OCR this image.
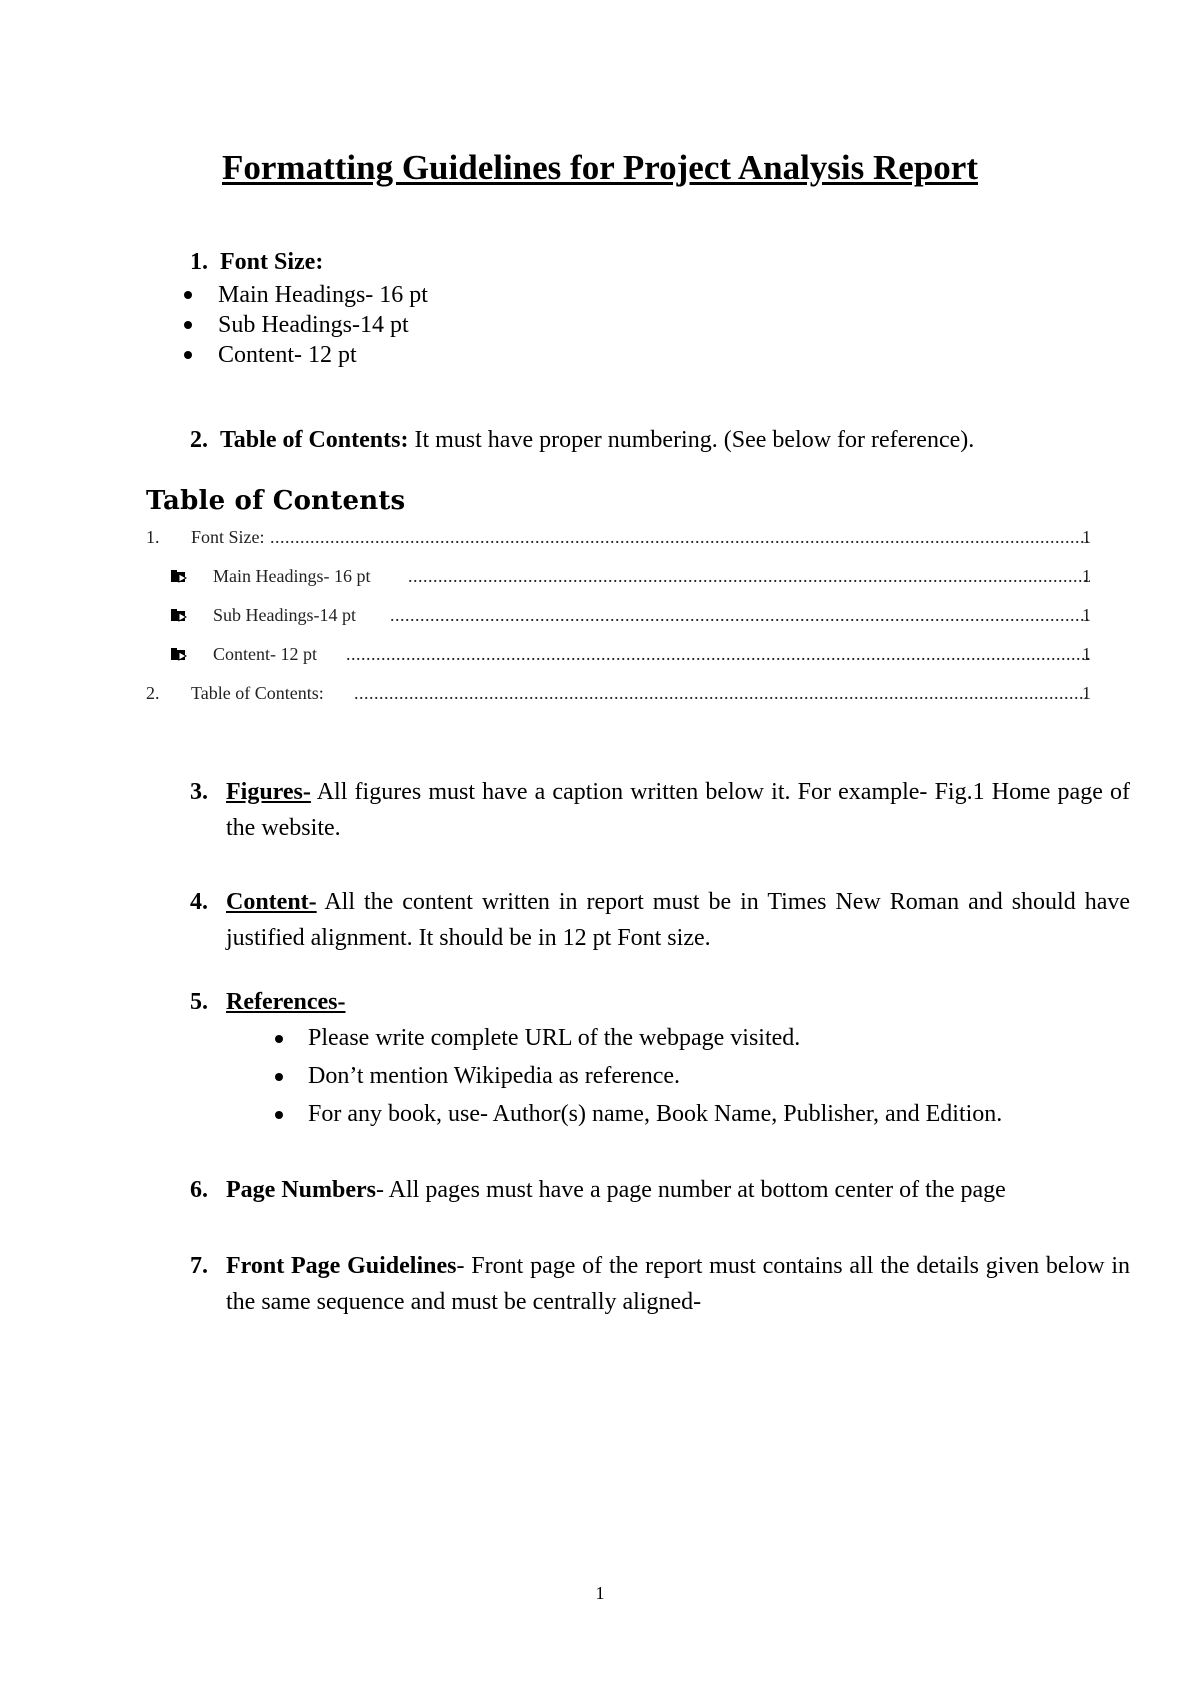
Formatting Guidelines for Project Analysis Report
1. Font Size:
Main Headings- 16 pt
Sub Headings-14 pt
Content- 12 pt
2. Table of Contents: It must have proper numbering. (See below for reference).
Table of Contents
1. Font Size: .....	1
Main Headings- 16 pt .....	1
Sub Headings-14 pt .....	1
Content- 12 pt .....	1
2. Table of Contents: .....	1
3. Figures- All figures must have a caption written below it. For example- Fig.1 Home page of the website.
4. Content- All the content written in report must be in Times New Roman and should have justified alignment. It should be in 12 pt Font size.
5. References-
Please write complete URL of the webpage visited.
Don’t mention Wikipedia as reference.
For any book, use- Author(s) name, Book Name, Publisher, and Edition.
6. Page Numbers- All pages must have a page number at bottom center of the page
7. Front Page Guidelines- Front page of the report must contains all the details given below in the same sequence and must be centrally aligned-
1
